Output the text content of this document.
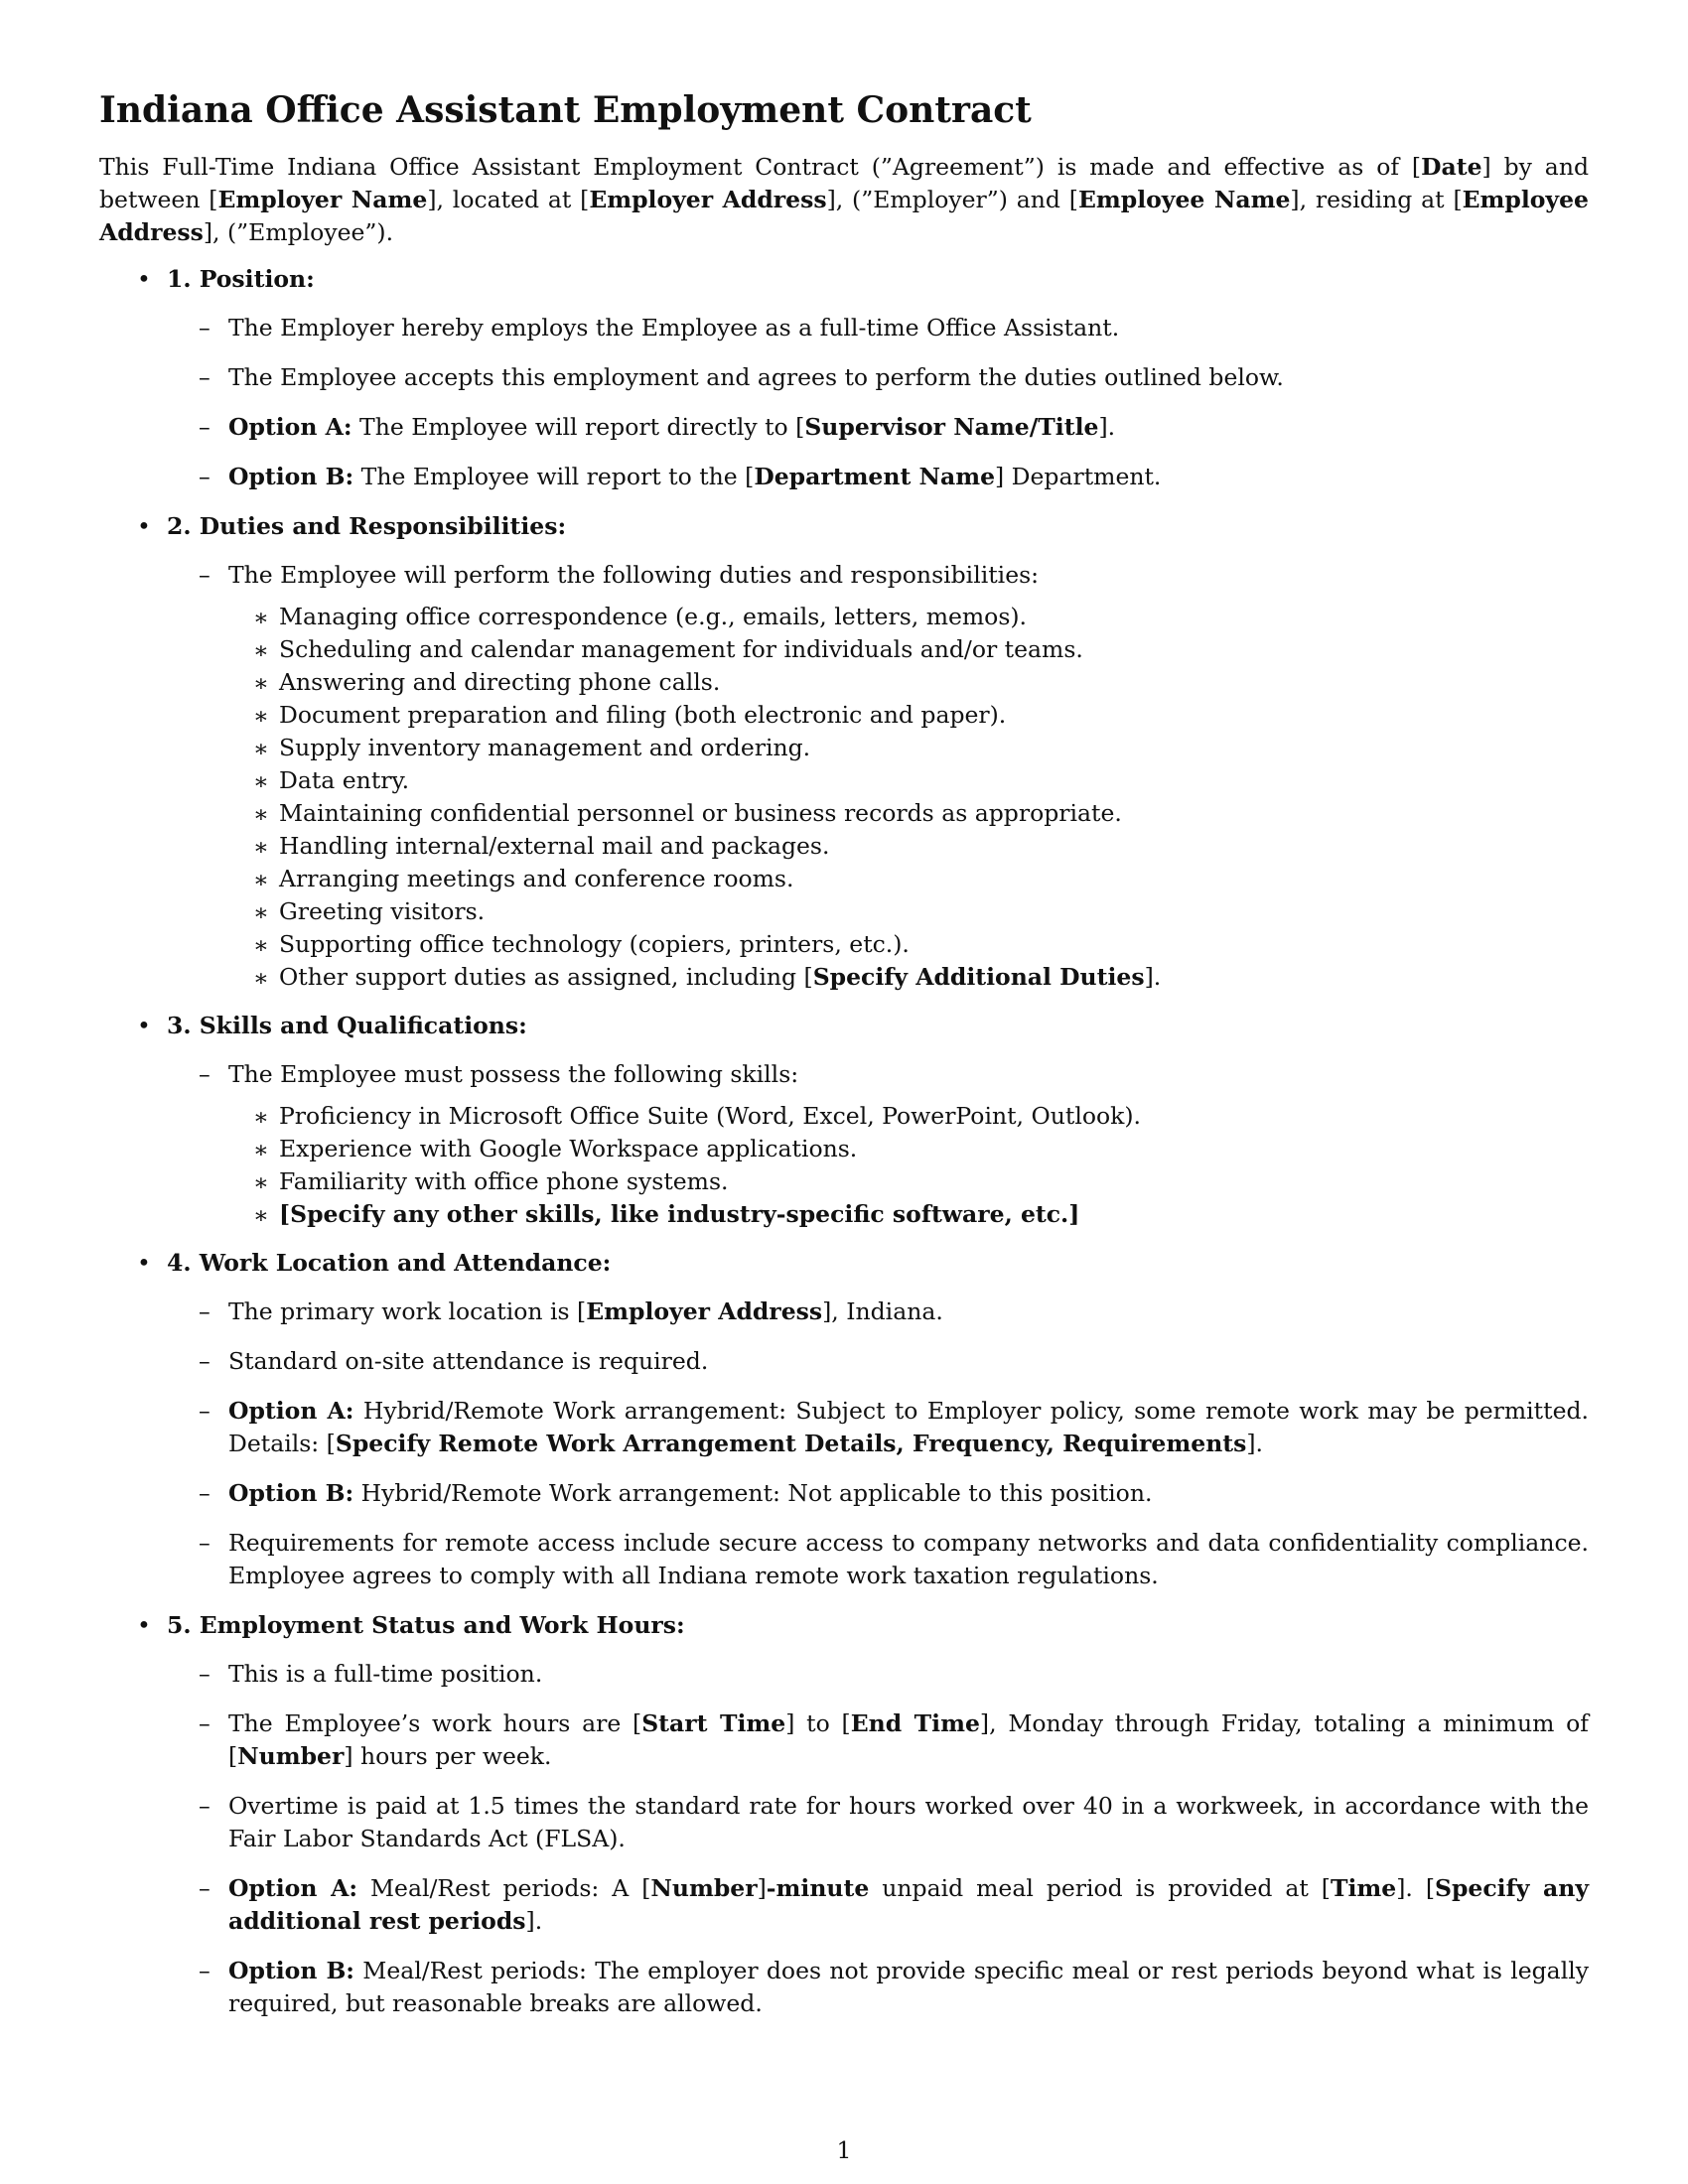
Indiana Office Assistant Employment Contract

This Full-Time Indiana Office Assistant Employment Contract (”Agreement”) is made and effective as of [Date] by and between [Employer Name], located at [Employer Address], (”Employer”) and [Employee Name], residing at [Employee Address], (”Employee”).

• 1. Position:
– The Employer hereby employs the Employee as a full-time Office Assistant.
– The Employee accepts this employment and agrees to perform the duties outlined below.
– Option A: The Employee will report directly to [Supervisor Name/Title].
– Option B: The Employee will report to the [Department Name] Department.
• 2. Duties and Responsibilities:
– The Employee will perform the following duties and responsibilities:
∗ Managing office correspondence (e.g., emails, letters, memos).
∗ Scheduling and calendar management for individuals and/or teams.
∗ Answering and directing phone calls.
∗ Document preparation and filing (both electronic and paper).
∗ Supply inventory management and ordering.
∗ Data entry.
∗ Maintaining confidential personnel or business records as appropriate.
∗ Handling internal/external mail and packages.
∗ Arranging meetings and conference rooms.
∗ Greeting visitors.
∗ Supporting office technology (copiers, printers, etc.).
∗ Other support duties as assigned, including [Specify Additional Duties].
• 3. Skills and Qualifications:
– The Employee must possess the following skills:
∗ Proficiency in Microsoft Office Suite (Word, Excel, PowerPoint, Outlook).
∗ Experience with Google Workspace applications.
∗ Familiarity with office phone systems.
∗ [Specify any other skills, like industry-specific software, etc.]
• 4. Work Location and Attendance:
– The primary work location is [Employer Address], Indiana.
– Standard on-site attendance is required.
– Option A: Hybrid/Remote Work arrangement: Subject to Employer policy, some remote work may be permitted. Details: [Specify Remote Work Arrangement Details, Frequency, Requirements].
– Option B: Hybrid/Remote Work arrangement: Not applicable to this position.
– Requirements for remote access include secure access to company networks and data confidentiality compliance. Employee agrees to comply with all Indiana remote work taxation regulations.
• 5. Employment Status and Work Hours:
– This is a full-time position.
– The Employee’s work hours are [Start Time] to [End Time], Monday through Friday, totaling a minimum of [Number] hours per week.
– Overtime is paid at 1.5 times the standard rate for hours worked over 40 in a workweek, in accordance with the Fair Labor Standards Act (FLSA).
– Option A: Meal/Rest periods: A [Number]-minute unpaid meal period is provided at [Time]. [Specify any additional rest periods].
– Option B: Meal/Rest periods: The employer does not provide specific meal or rest periods beyond what is legally required, but reasonable breaks are allowed.
1
